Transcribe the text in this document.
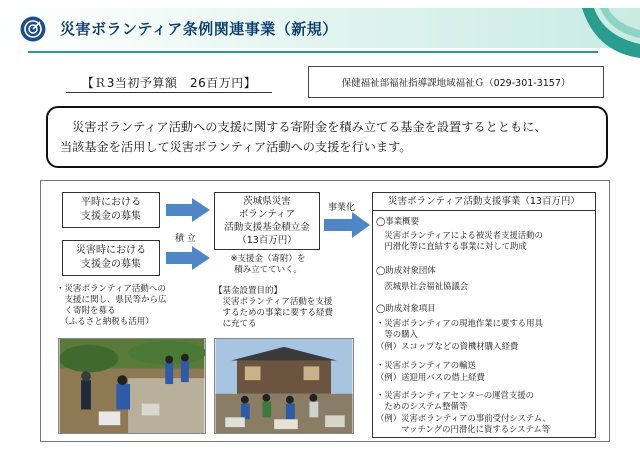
災害ボランティア条例関連事業（新規）
【Ｒ3当初予算額　26百万円】	保健福祉部福祉指導課地域福祉Ｇ（029-301-3157）
　災害ボランティア活動への支援に関する寄附金を積み立てる基金を設置するとともに、
当該基金を活用して災害ボランティア活動への支援を行います。
平時における
支援金の募集
災害時における
支援金の募集
積 立
茨城県災害
ボランティア
活動支援基金積立金
（13百万円）
※支援金（寄附）を
積み立てていく。
事業化
・災害ボランティア活動への
　支援に関し、県民等から広
　く寄附を募る
　（ふるさと納税も活用）
【基金設置目的】
　災害ボランティア活動を支援
　するための事業に要する経費
　に充てる
災害ボランティア活動支援事業（13百万円）
◯事業概要
　災害ボランティアによる被災者支援活動の
　円滑化等に直結する事業に対して助成
◯助成対象団体
　茨城県社会福祉協議会
◯助成対象項目
・災害ボランティアの現地作業に要する用具
　等の購入
（例）スコップなどの資機材購入経費
・災害ボランティアの輸送
（例）送迎用バスの借上経費
・災害ボランティアセンターの運営支援の
　ためのシステム整備等
（例）災害ボランティアの事前受付システム、
　　　マッチングの円滑化に資するシステム等
